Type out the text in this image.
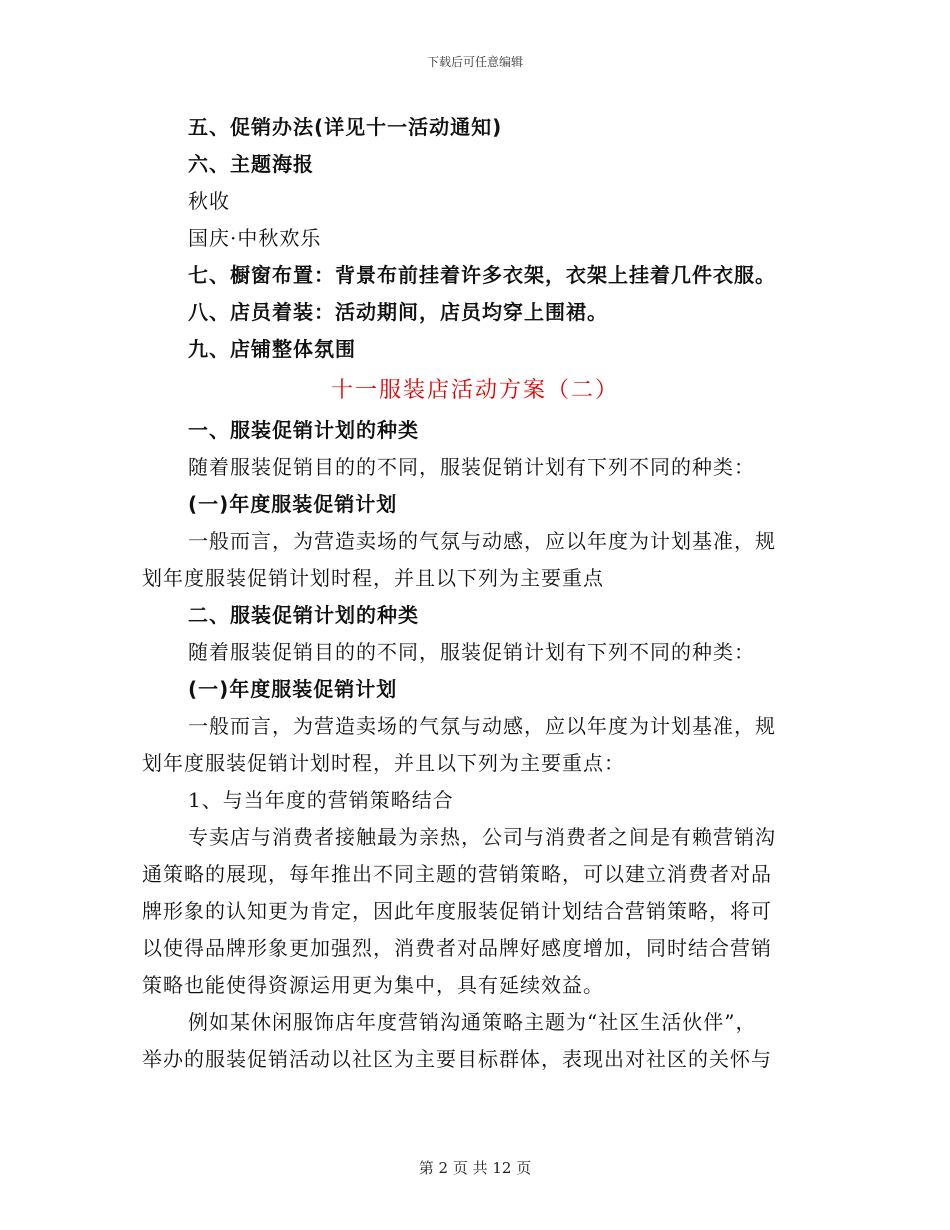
下载后可任意编辑
五、促销办法(详见十一活动通知)
六、主题海报
秋收
国庆·中秋欢乐
七、橱窗布置：背景布前挂着许多衣架，衣架上挂着几件衣服。
八、店员着装：活动期间，店员均穿上围裙。
九、店铺整体氛围
十一服装店活动方案（二）
一、服装促销计划的种类
随着服装促销目的的不同，服装促销计划有下列不同的种类：
(一)年度服装促销计划
一般而言，为营造卖场的气氛与动感，应以年度为计划基准，规
划年度服装促销计划时程，并且以下列为主要重点
二、服装促销计划的种类
随着服装促销目的的不同，服装促销计划有下列不同的种类：
(一)年度服装促销计划
一般而言，为营造卖场的气氛与动感，应以年度为计划基准，规
划年度服装促销计划时程，并且以下列为主要重点：
1、与当年度的营销策略结合
专卖店与消费者接触最为亲热，公司与消费者之间是有赖营销沟
通策略的展现，每年推出不同主题的营销策略，可以建立消费者对品
牌形象的认知更为肯定，因此年度服装促销计划结合营销策略，将可
以使得品牌形象更加强烈，消费者对品牌好感度增加，同时结合营销
策略也能使得资源运用更为集中，具有延续效益。
例如某休闲服饰店年度营销沟通策略主题为“社区生活伙伴”，
举办的服装促销活动以社区为主要目标群体，表现出对社区的关怀与
第 2 页 共 12 页
